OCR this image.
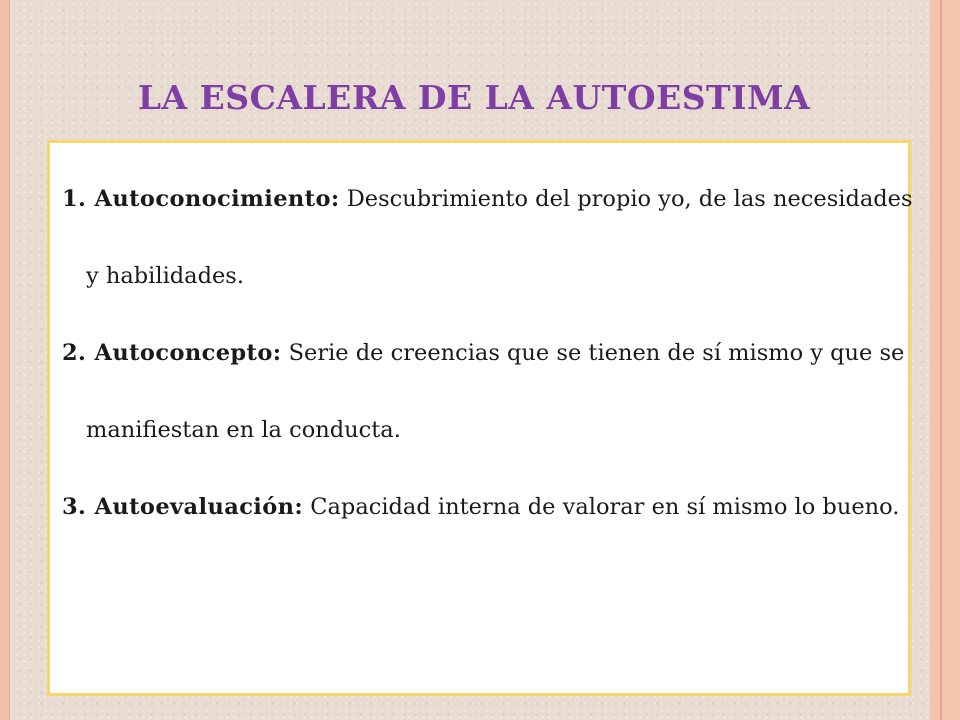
LA ESCALERA DE LA AUTOESTIMA

1. Autoconocimiento: Descubrimiento del propio yo, de las necesidades y habilidades.

2. Autoconcepto: Serie de creencias que se tienen de sí mismo y que se manifiestan en la conducta.

3. Autoevaluación: Capacidad interna de valorar en sí mismo lo bueno.
